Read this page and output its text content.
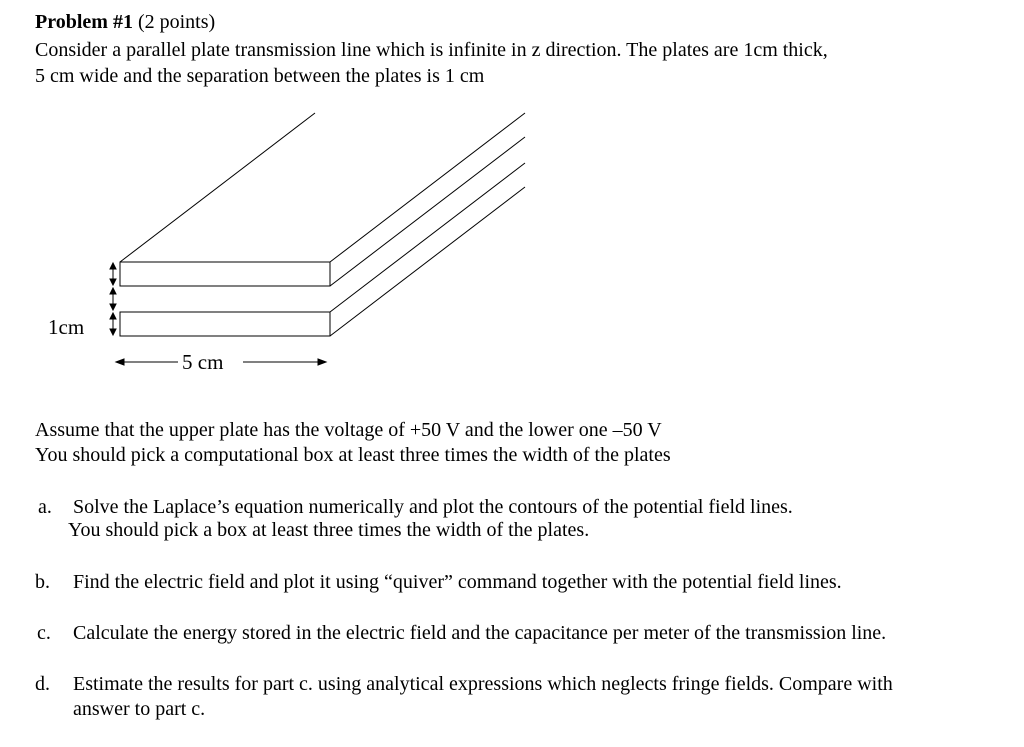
Problem #1 (2 points)
Consider a parallel plate transmission line which is infinite in z direction. The plates are 1cm thick,
5 cm wide and the separation between the plates is 1 cm
1cm
5 cm
Assume that the upper plate has the voltage of +50 V and the lower one –50 V
You should pick a computational box at least three times the width of the plates
a. Solve the Laplace’s equation numerically and plot the contours of the potential field lines.
You should pick a box at least three times the width of the plates.
b. Find the electric field and plot it using “quiver” command together with the potential field lines.
c. Calculate the energy stored in the electric field and the capacitance per meter of the transmission line.
d. Estimate the results for part c. using analytical expressions which neglects fringe fields. Compare with
answer to part c.
